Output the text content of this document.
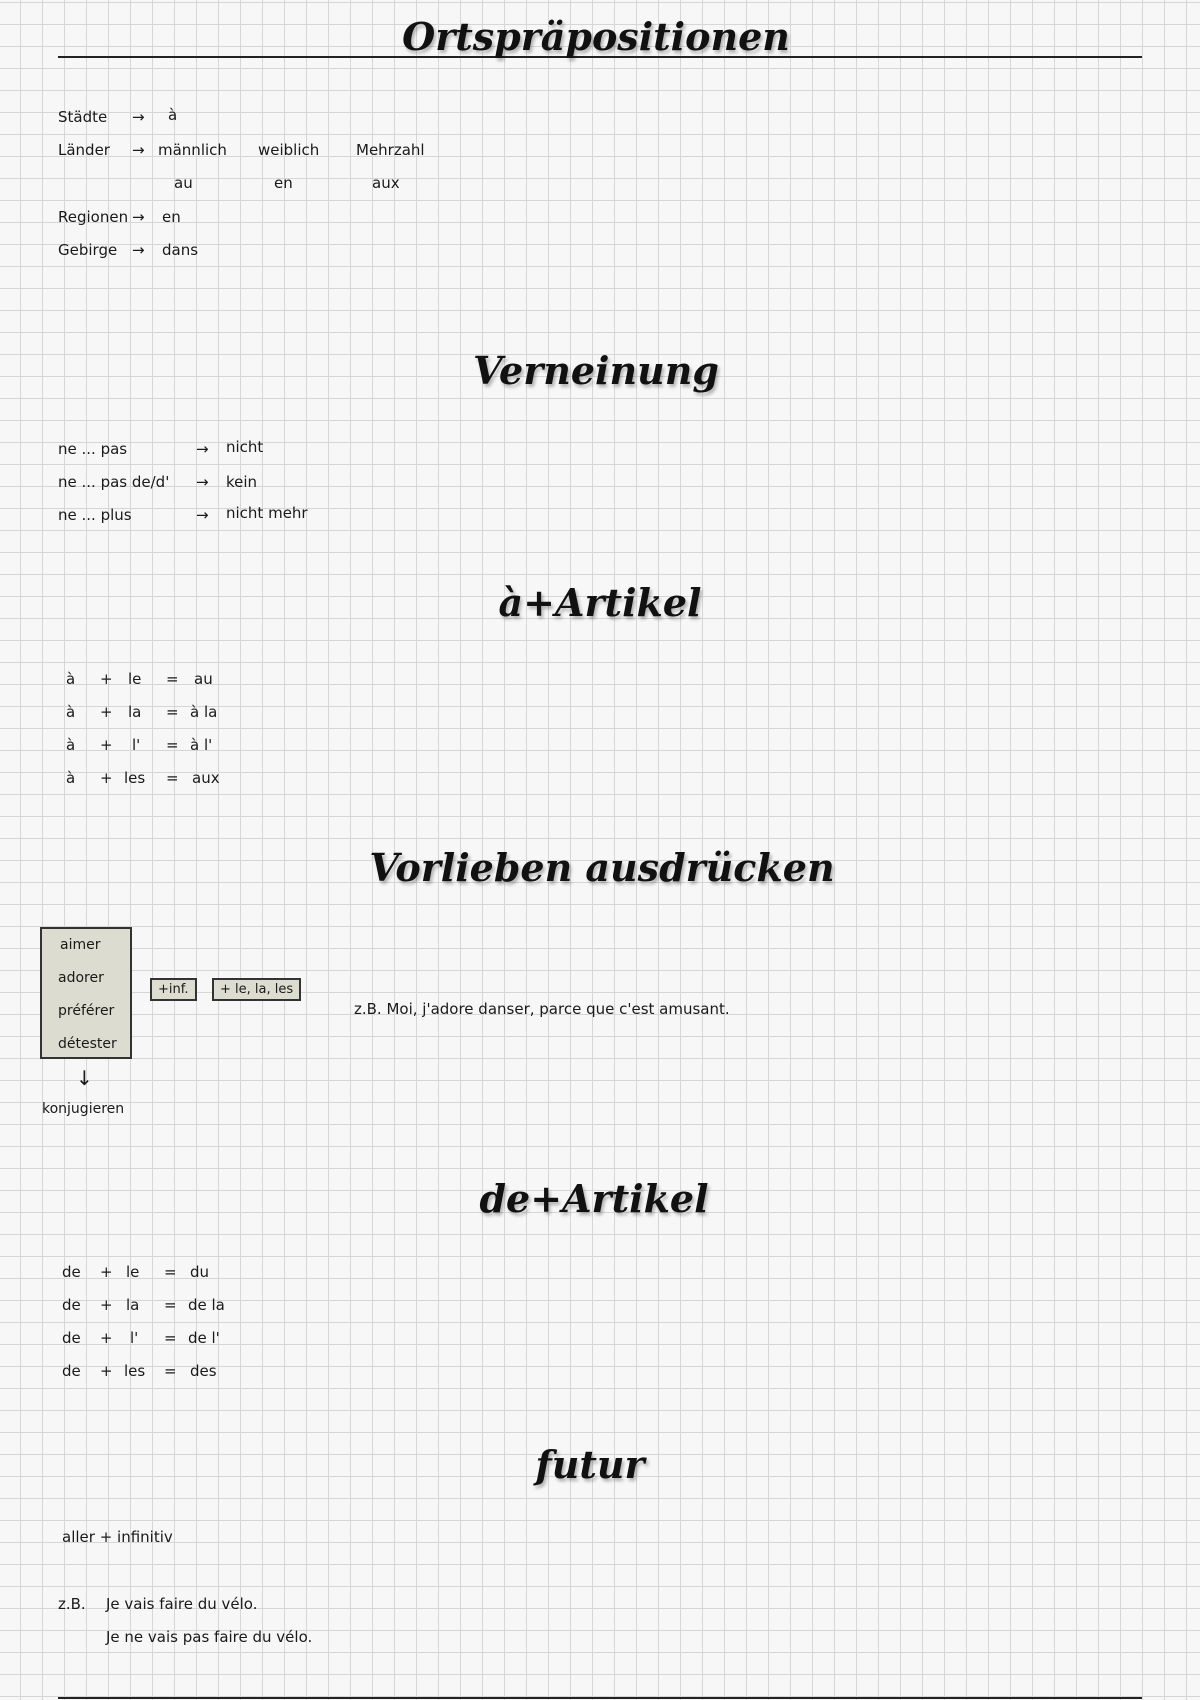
Ortspräpositionen
Städte → à
Länder → männlich weiblich Mehrzahl
au	en	aux
Regionen → en
Gebirge → dans
Verneinung
ne ... pas	→ nicht
ne ... pas de/d' → kein
ne ... plus	→ nicht mehr
à+Artikel
à + le = au
à + la = à la
à + l' = à l'
à + les = aux
Vorlieben ausdrücken
aimer
adorer
préférer
détester
+inf.	+ le, la, les
↓
konjugieren
z.B. Moi, j'adore danser, parce que c'est amusant.
de+Artikel
de + le = du
de + la = de la
de + l' = de l'
de + les = des
futur
aller + infinitiv
z.B. Je vais faire du vélo.
Je ne vais pas faire du vélo.
